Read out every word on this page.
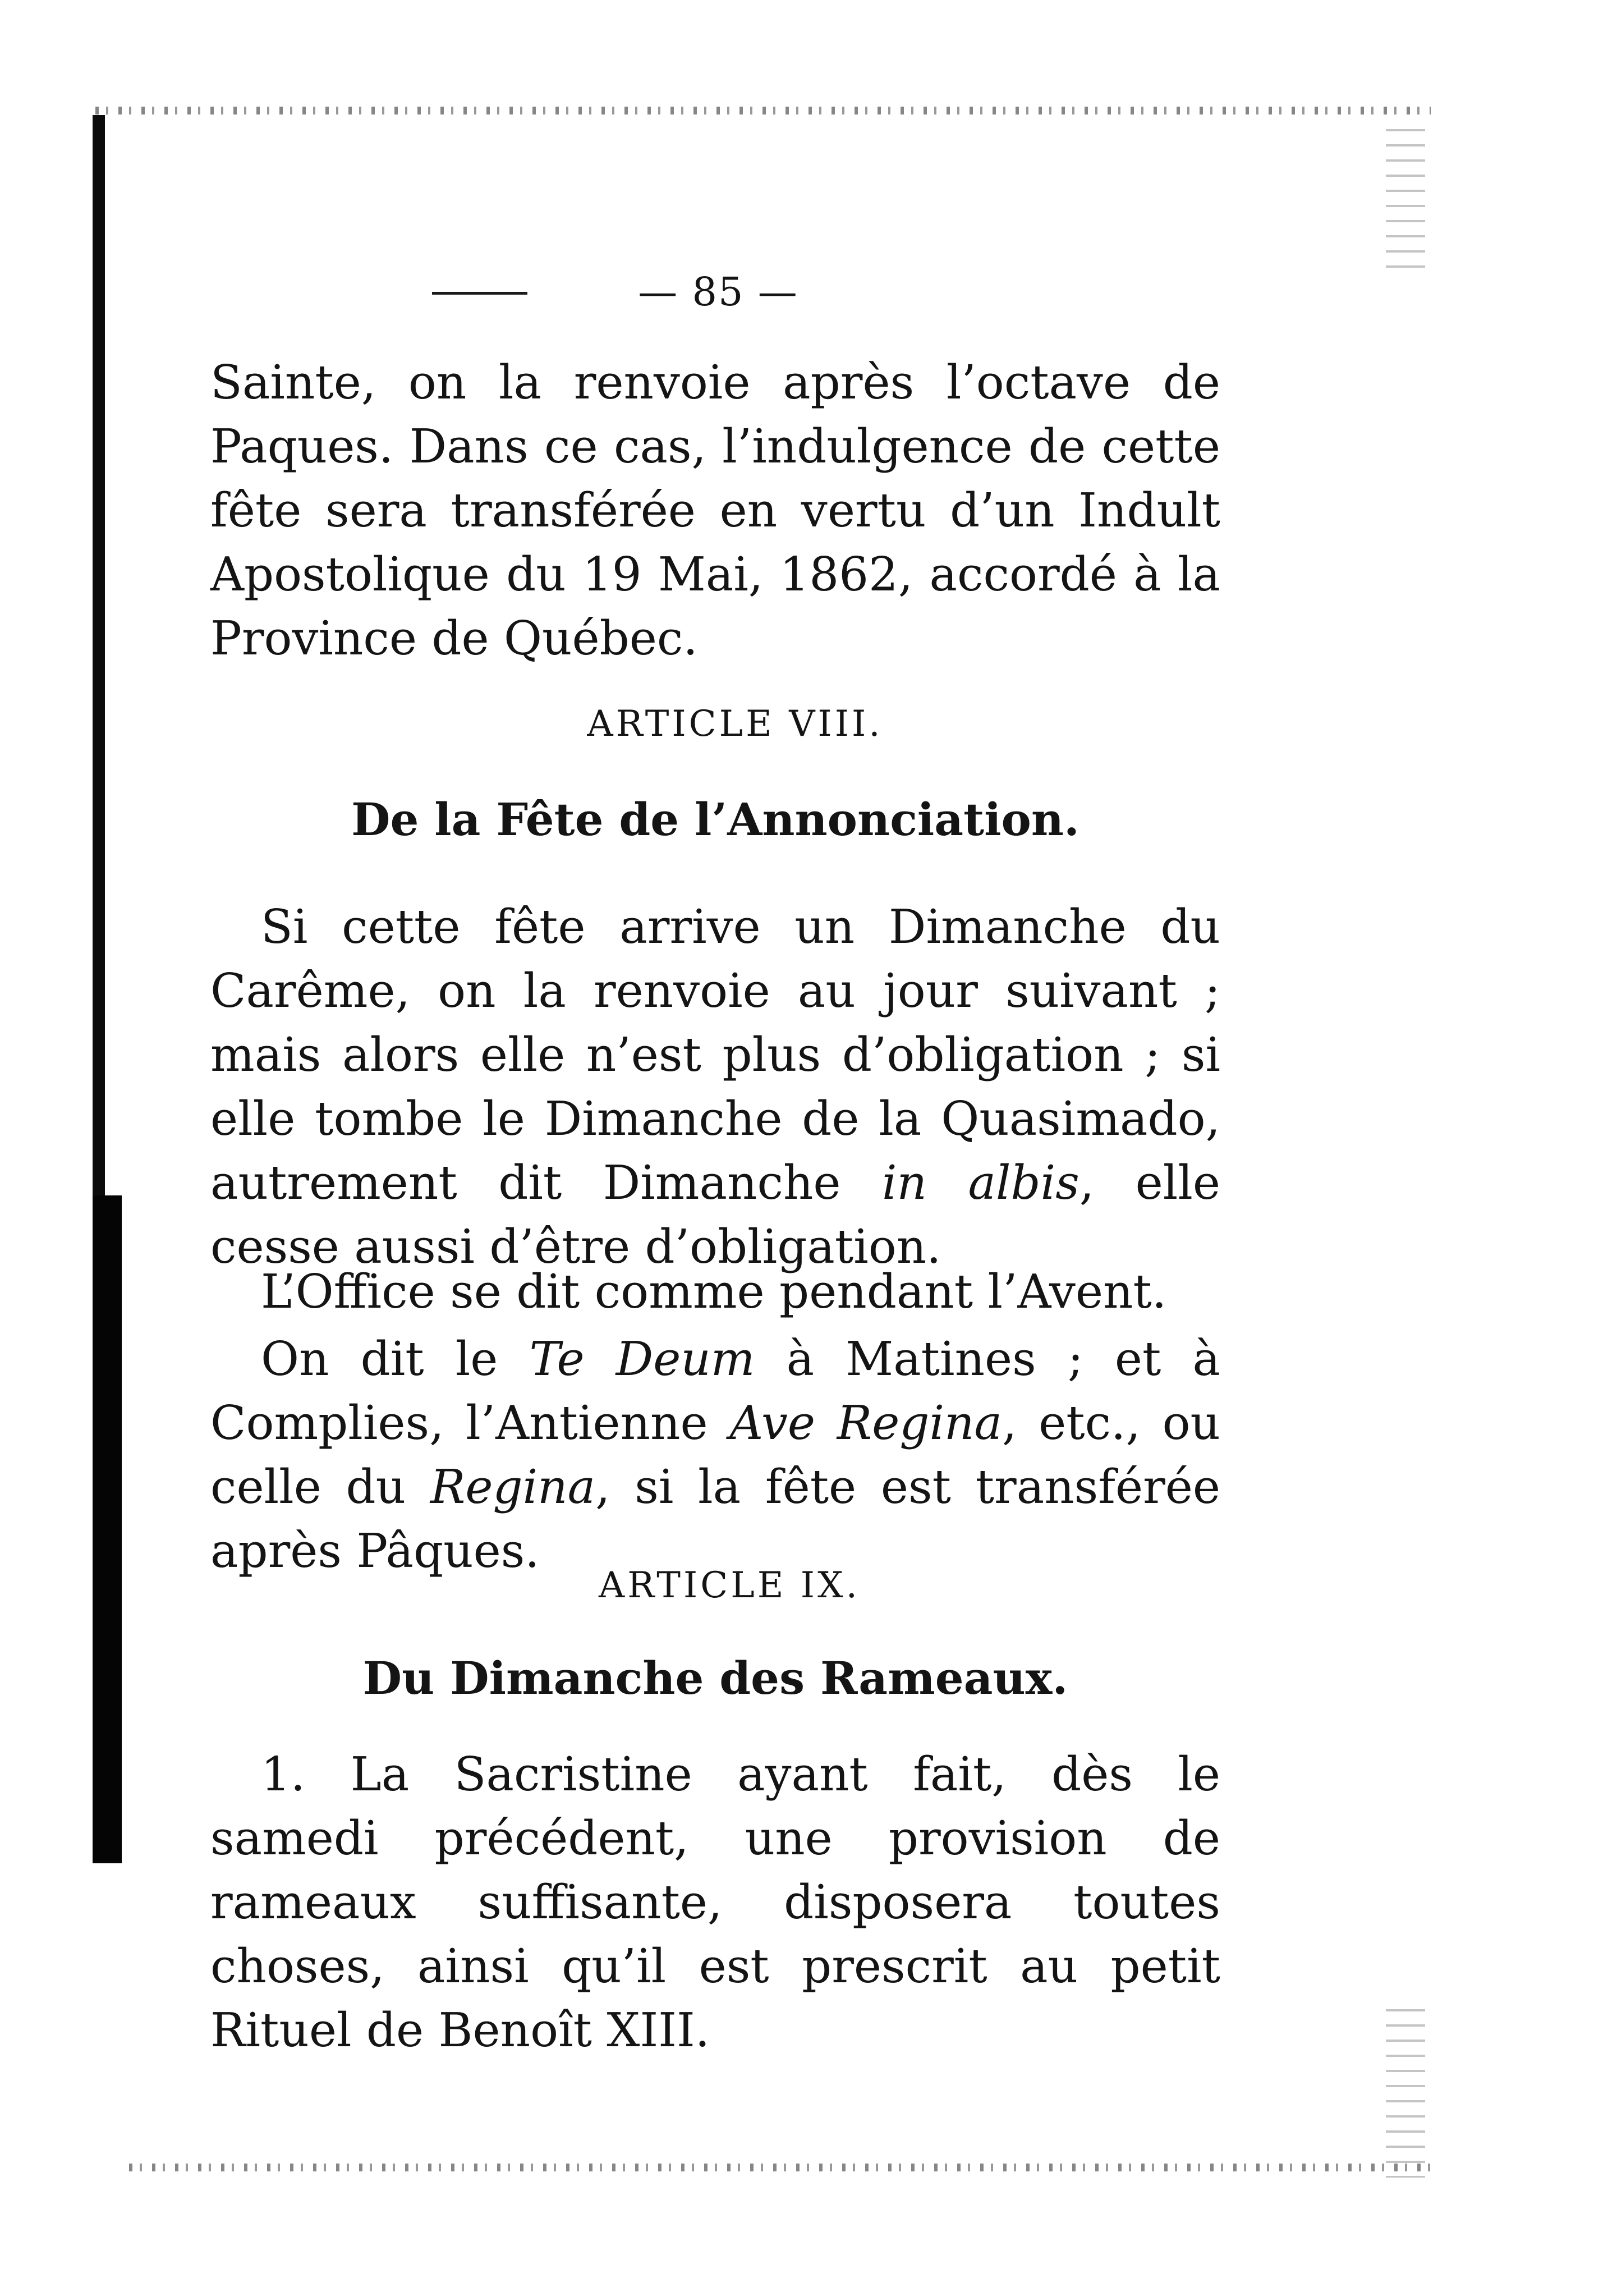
— 85 —

Sainte, on la renvoie après l’octave de Paques. Dans ce cas, l’indulgence de cette fête sera transférée en vertu d’un Indult Apostolique du 19 Mai, 1862, accordé à la Province de Québec.

ARTICLE VIII.
De la Fête de l’Annonciation.

Si cette fête arrive un Dimanche du Carême, on la renvoie au jour suivant ; mais alors elle n’est plus d’obligation ; si elle tombe le Dimanche de la Quasimado, autrement dit Dimanche in albis, elle cesse aussi d’être d’obligation.

L’Office se dit comme pendant l’Avent.

On dit le Te Deum à Matines ; et à Complies, l’Antienne Ave Regina, etc., ou celle du Regina, si la fête est transférée après Pâques.

ARTICLE IX.
Du Dimanche des Rameaux.

1. La Sacristine ayant fait, dès le samedi précédent, une provision de rameaux suffisante, disposera toutes choses, ainsi qu’il est prescrit au petit Rituel de Benoît XIII.
